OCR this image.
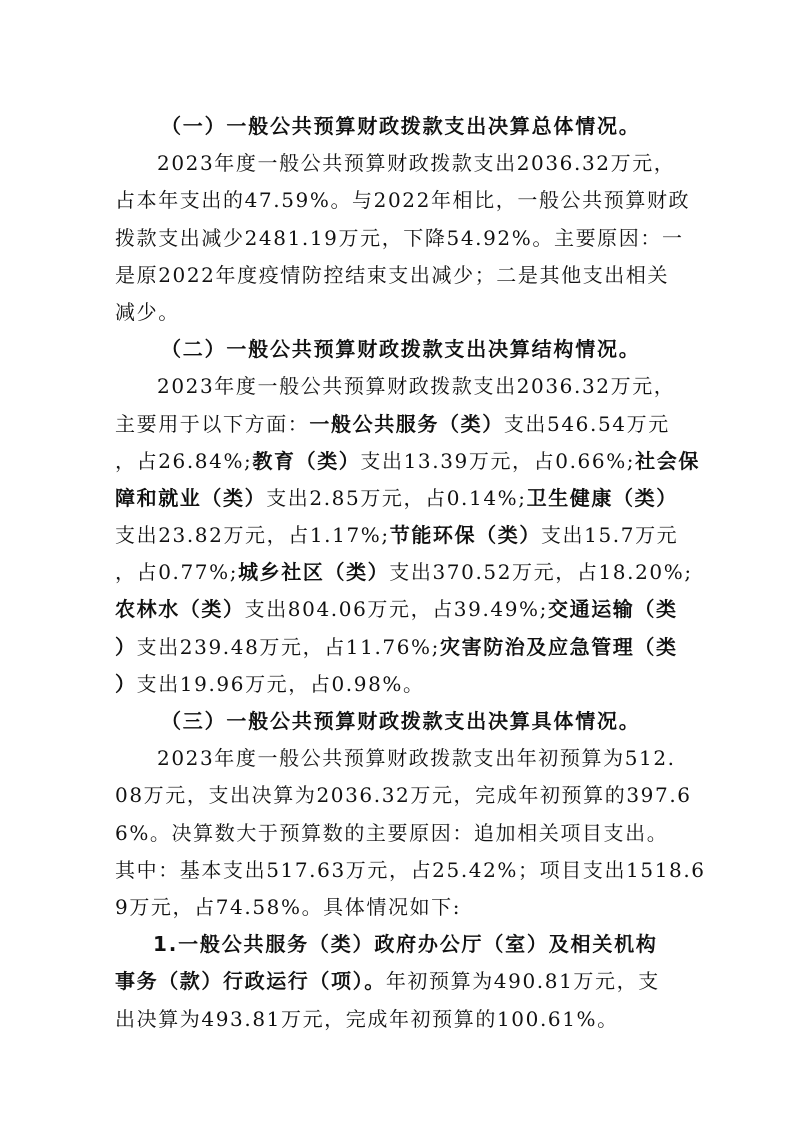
（一）一般公共预算财政拨款支出决算总体情况。
2023年度一般公共预算财政拨款支出2036.32万元，
占本年支出的47.59%。与2022年相比，一般公共预算财政
拨款支出减少2481.19万元，下降54.92%。主要原因：一
是原2022年度疫情防控结束支出减少；二是其他支出相关
减少。
（二）一般公共预算财政拨款支出决算结构情况。
2023年度一般公共预算财政拨款支出2036.32万元，
主要用于以下方面：一般公共服务（类）支出546.54万元
，占26.84%;教育（类）支出13.39万元，占0.66%;社会保
障和就业（类）支出2.85万元，占0.14%;卫生健康（类）
支出23.82万元，占1.17%;节能环保（类）支出15.7万元
，占0.77%;城乡社区（类）支出370.52万元，占18.20%;
农林水（类）支出804.06万元，占39.49%;交通运输（类
）支出239.48万元，占11.76%;灾害防治及应急管理（类
）支出19.96万元，占0.98%。
（三）一般公共预算财政拨款支出决算具体情况。
2023年度一般公共预算财政拨款支出年初预算为512.
08万元，支出决算为2036.32万元，完成年初预算的397.6
6%。决算数大于预算数的主要原因：追加相关项目支出。
其中：基本支出517.63万元，占25.42%；项目支出1518.6
9万元，占74.58%。具体情况如下:
1.一般公共服务（类）政府办公厅（室）及相关机构
事务（款）行政运行（项）。年初预算为490.81万元，支
出决算为493.81万元，完成年初预算的100.61%。
